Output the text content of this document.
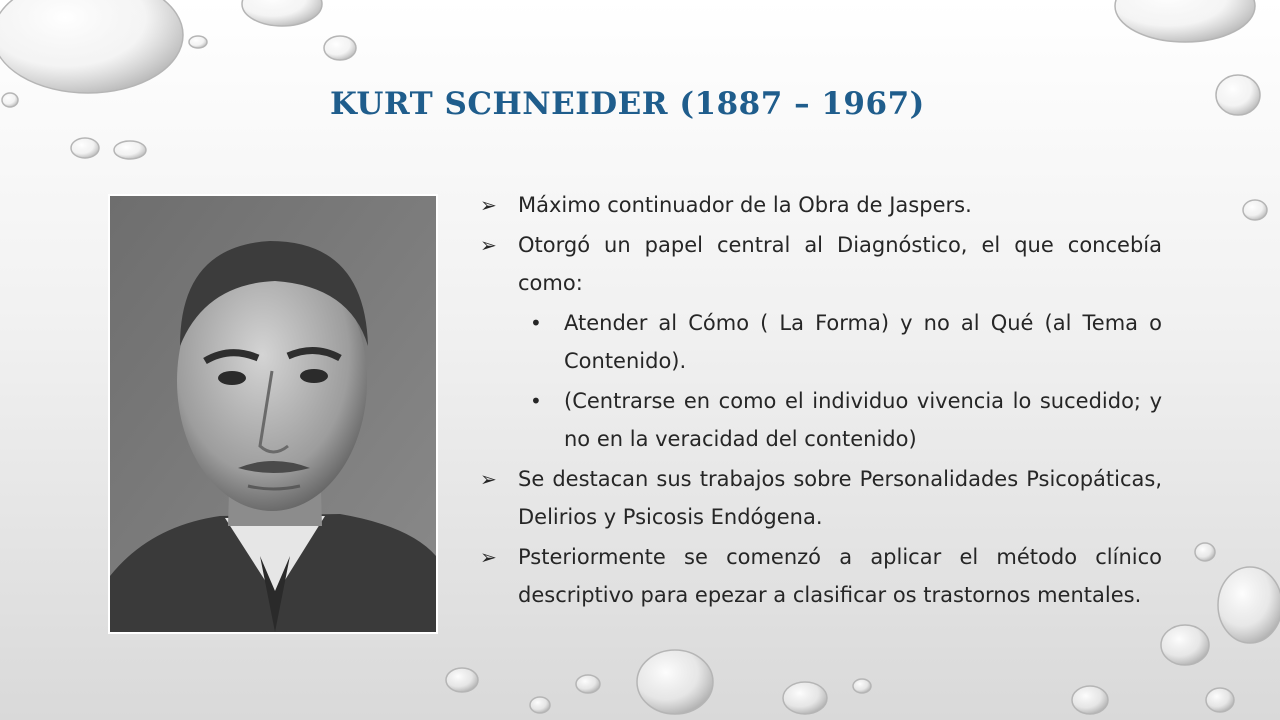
KURT SCHNEIDER (1887 – 1967)
➢ Máximo continuador de la Obra de Jaspers.
➢ Otorgó un papel central al Diagnóstico, el que concebía como:
• Atender al Cómo ( La Forma) y no al Qué (al Tema o Contenido).
• (Centrarse en como el individuo vivencia lo sucedido; y no en la veracidad del contenido)
➢ Se destacan sus trabajos sobre Personalidades Psicopáticas, Delirios y Psicosis Endógena.
➢ Psteriormente se comenzó a aplicar el método clínico descriptivo para epezar a clasificar os trastornos mentales.
